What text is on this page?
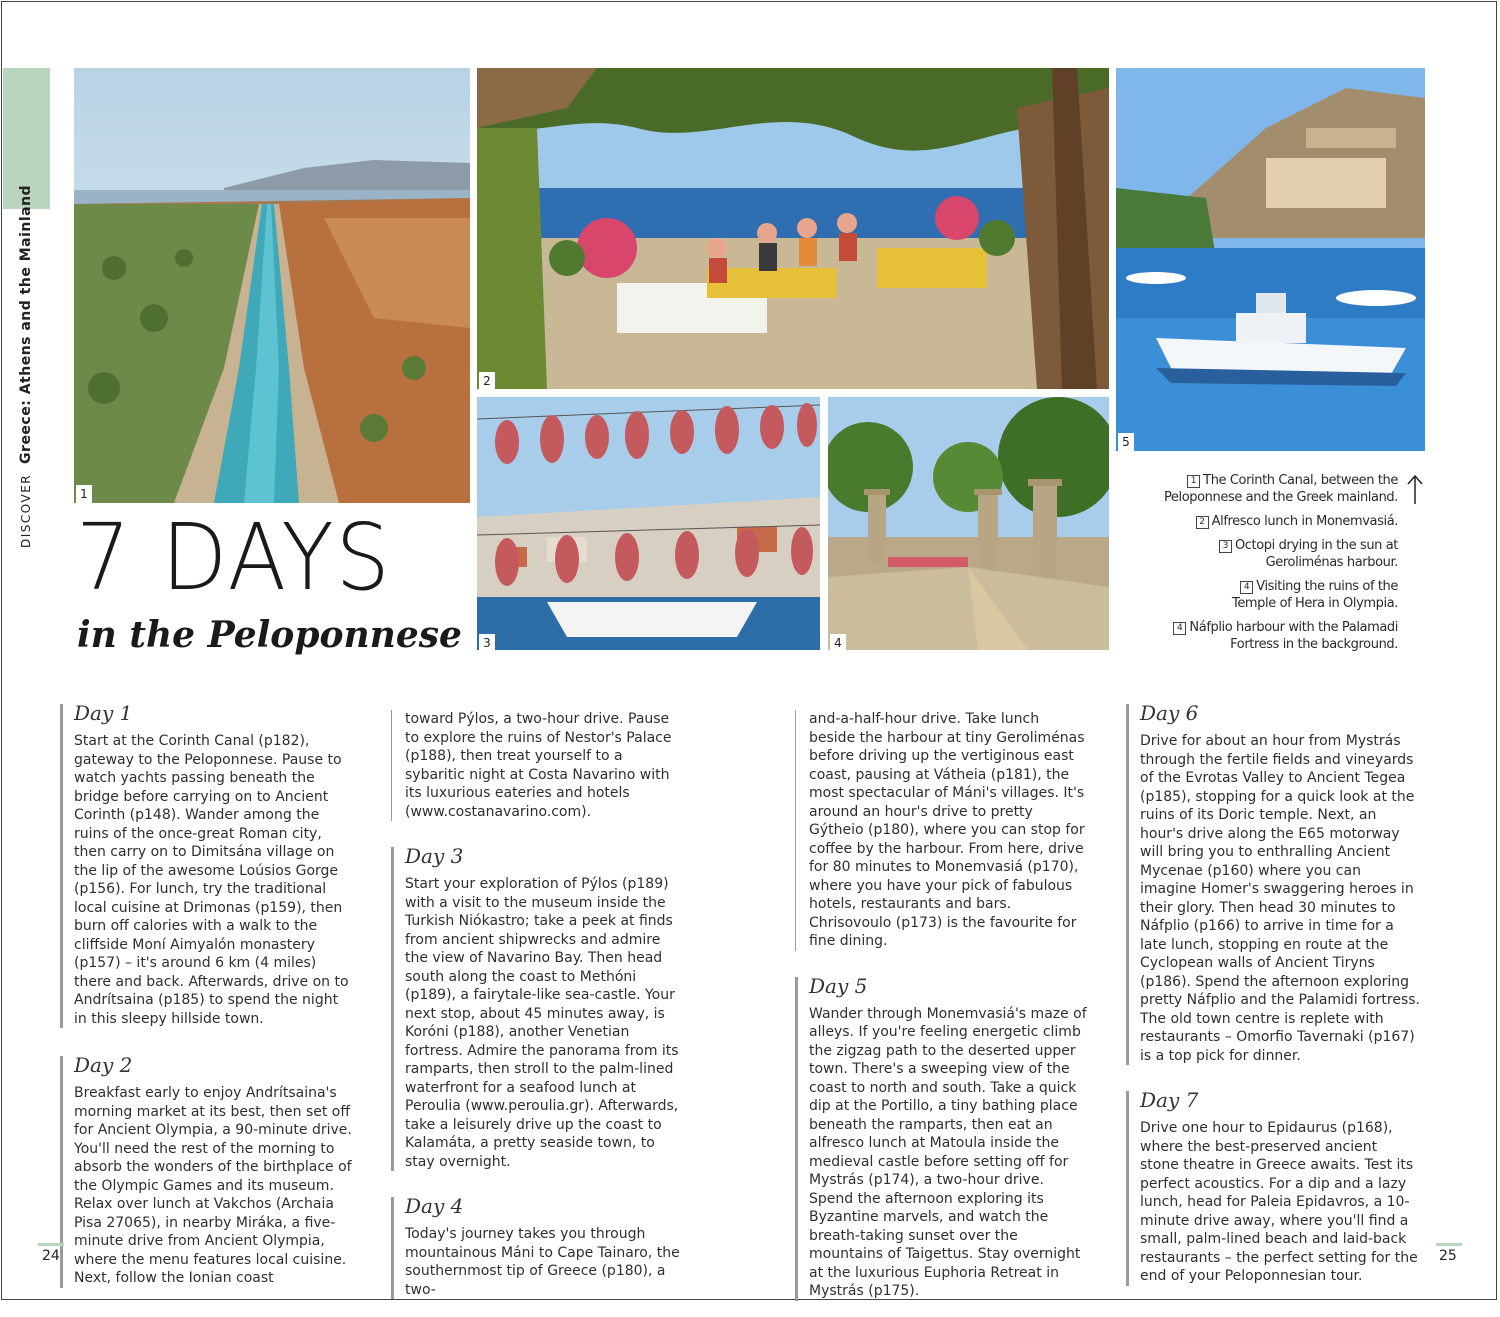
DISCOVER  Greece: Athens and the Mainland
1
2
3	4
5
7 DAYS
in the Peloponnese
1 The Corinth Canal, between the Peloponnese and the Greek mainland.
2 Alfresco lunch in Monemvasiá.
3 Octopi drying in the sun at Geroliménas harbour.
4 Visiting the ruins of the Temple of Hera in Olympia.
4 Náfplio harbour with the Palamadi Fortress in the background.
Day 1

Start at the Corinth Canal (p182), gateway to the Peloponnese. Pause to watch yachts passing beneath the bridge before carrying on to Ancient Corinth (p148). Wander among the ruins of the once-great Roman city, then carry on to Dimitsána village on the lip of the awesome Loúsios Gorge (p156). For lunch, try the traditional local cuisine at Drimonas (p159), then burn off calories with a walk to the cliffside Moní Aimyalón monastery (p157) – it's around 6 km (4 miles) there and back. Afterwards, drive on to Andrítsaina (p185) to spend the night in this sleepy hillside town.

Day 2

Breakfast early to enjoy Andrítsaina's morning market at its best, then set off for Ancient Olympia, a 90-minute drive. You'll need the rest of the morning to absorb the wonders of the birthplace of the Olympic Games and its museum. Relax over lunch at Vakchos (Archaia Pisa 27065), in nearby Miráka, a five-minute drive from Ancient Olympia, where the menu features local cuisine. Next, follow the Ionian coast

toward Pýlos, a two-hour drive. Pause to explore the ruins of Nestor's Palace (p188), then treat yourself to a sybaritic night at Costa Navarino with its luxurious eateries and hotels (www.costanavarino.com).

Day 3

Start your exploration of Pýlos (p189) with a visit to the museum inside the Turkish Niókastro; take a peek at finds from ancient shipwrecks and admire the view of Navarino Bay. Then head south along the coast to Methóni (p189), a fairytale-like sea-castle. Your next stop, about 45 minutes away, is Koróni (p188), another Venetian fortress. Admire the panorama from its ramparts, then stroll to the palm-lined waterfront for a seafood lunch at Peroulia (www.peroulia.gr). Afterwards, take a leisurely drive up the coast to Kalamáta, a pretty seaside town, to stay overnight.

Day 4

Today's journey takes you through mountainous Máni to Cape Tainaro, the southernmost tip of Greece (p180), a two-

and-a-half-hour drive. Take lunch beside the harbour at tiny Geroliménas before driving up the vertiginous east coast, pausing at Vátheia (p181), the most spectacular of Máni's villages. It's around an hour's drive to pretty Gýtheio (p180), where you can stop for coffee by the harbour. From here, drive for 80 minutes to Monemvasiá (p170), where you have your pick of fabulous hotels, restaurants and bars. Chrisovoulo (p173) is the favourite for fine dining.

Day 5

Wander through Monemvasiá's maze of alleys. If you're feeling energetic climb the zigzag path to the deserted upper town. There's a sweeping view of the coast to north and south. Take a quick dip at the Portillo, a tiny bathing place beneath the ramparts, then eat an alfresco lunch at Matoula inside the medieval castle before setting off for Mystrás (p174), a two-hour drive. Spend the afternoon exploring its Byzantine marvels, and watch the breath-taking sunset over the mountains of Taigettus. Stay overnight at the luxurious Euphoria Retreat in Mystrás (p175).

Day 6

Drive for about an hour from Mystrás through the fertile fields and vineyards of the Evrotas Valley to Ancient Tegea (p185), stopping for a quick look at the ruins of its Doric temple. Next, an hour's drive along the E65 motorway will bring you to enthralling Ancient Mycenae (p160) where you can imagine Homer's swaggering heroes in their glory. Then head 30 minutes to Náfplio (p166) to arrive in time for a late lunch, stopping en route at the Cyclopean walls of Ancient Tiryns (p186). Spend the afternoon exploring pretty Náfplio and the Palamidi fortress. The old town centre is replete with restaurants – Omorfio Tavernaki (p167) is a top pick for dinner.

Day 7

Drive one hour to Epidaurus (p168), where the best-preserved ancient stone theatre in Greece awaits. Test its perfect acoustics. For a dip and a lazy lunch, head for Paleia Epidavros, a 10-minute drive away, where you'll find a small, palm-lined beach and laid-back restaurants – the perfect setting for the end of your Peloponnesian tour.

24	25
